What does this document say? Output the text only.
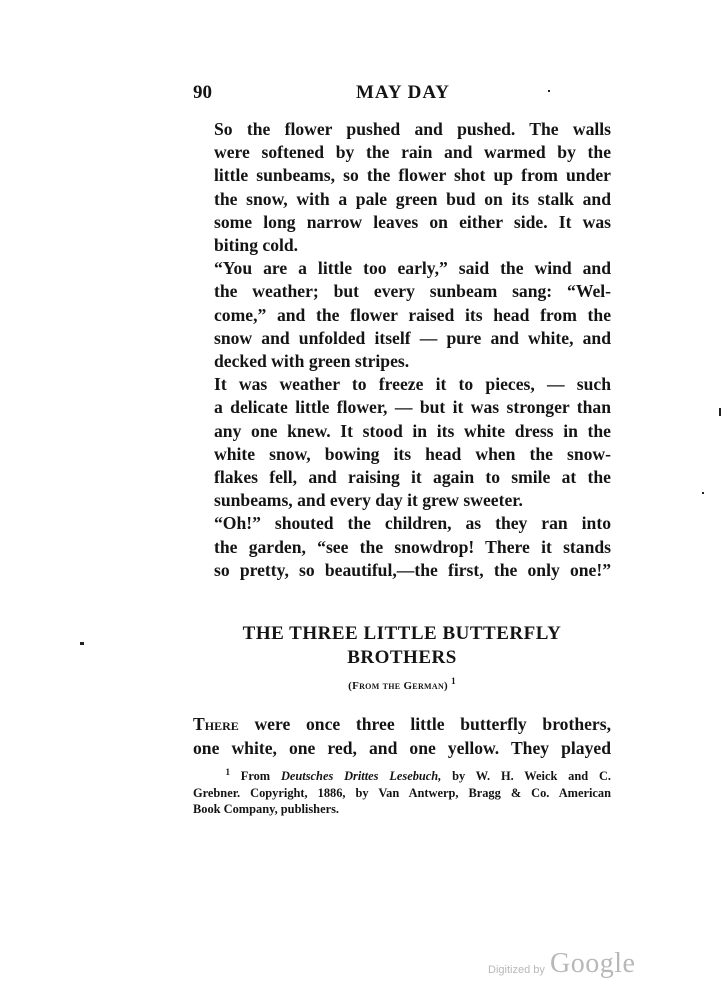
90	MAY DAY

So the flower pushed and pushed. The walls
were softened by the rain and warmed by the
little sunbeams, so the flower shot up from under
the snow, with a pale green bud on its stalk and
some long narrow leaves on either side. It was
biting cold.

“You are a little too early,” said the wind and
the weather; but every sunbeam sang: “Wel-
come,” and the flower raised its head from the
snow and unfolded itself — pure and white, and
decked with green stripes.

It was weather to freeze it to pieces, — such
a delicate little flower, — but it was stronger than
any one knew. It stood in its white dress in the
white snow, bowing its head when the snow-
flakes fell, and raising it again to smile at the
sunbeams, and every day it grew sweeter.

“Oh!” shouted the children, as they ran into
the garden, “see the snowdrop! There it stands
so pretty, so beautiful,—the first, the only one!”

THE THREE LITTLE BUTTERFLY
BROTHERS
(From the German) $^1$
There were once three little butterfly brothers,
one white, one red, and one yellow. They played
$^1$ From Deutsches Drittes Lesebuch, by W. H. Weick and C.
Grebner. Copyright, 1886, by Van Antwerp, Bragg & Co. American
Book Company, publishers.
Digitized by Google
